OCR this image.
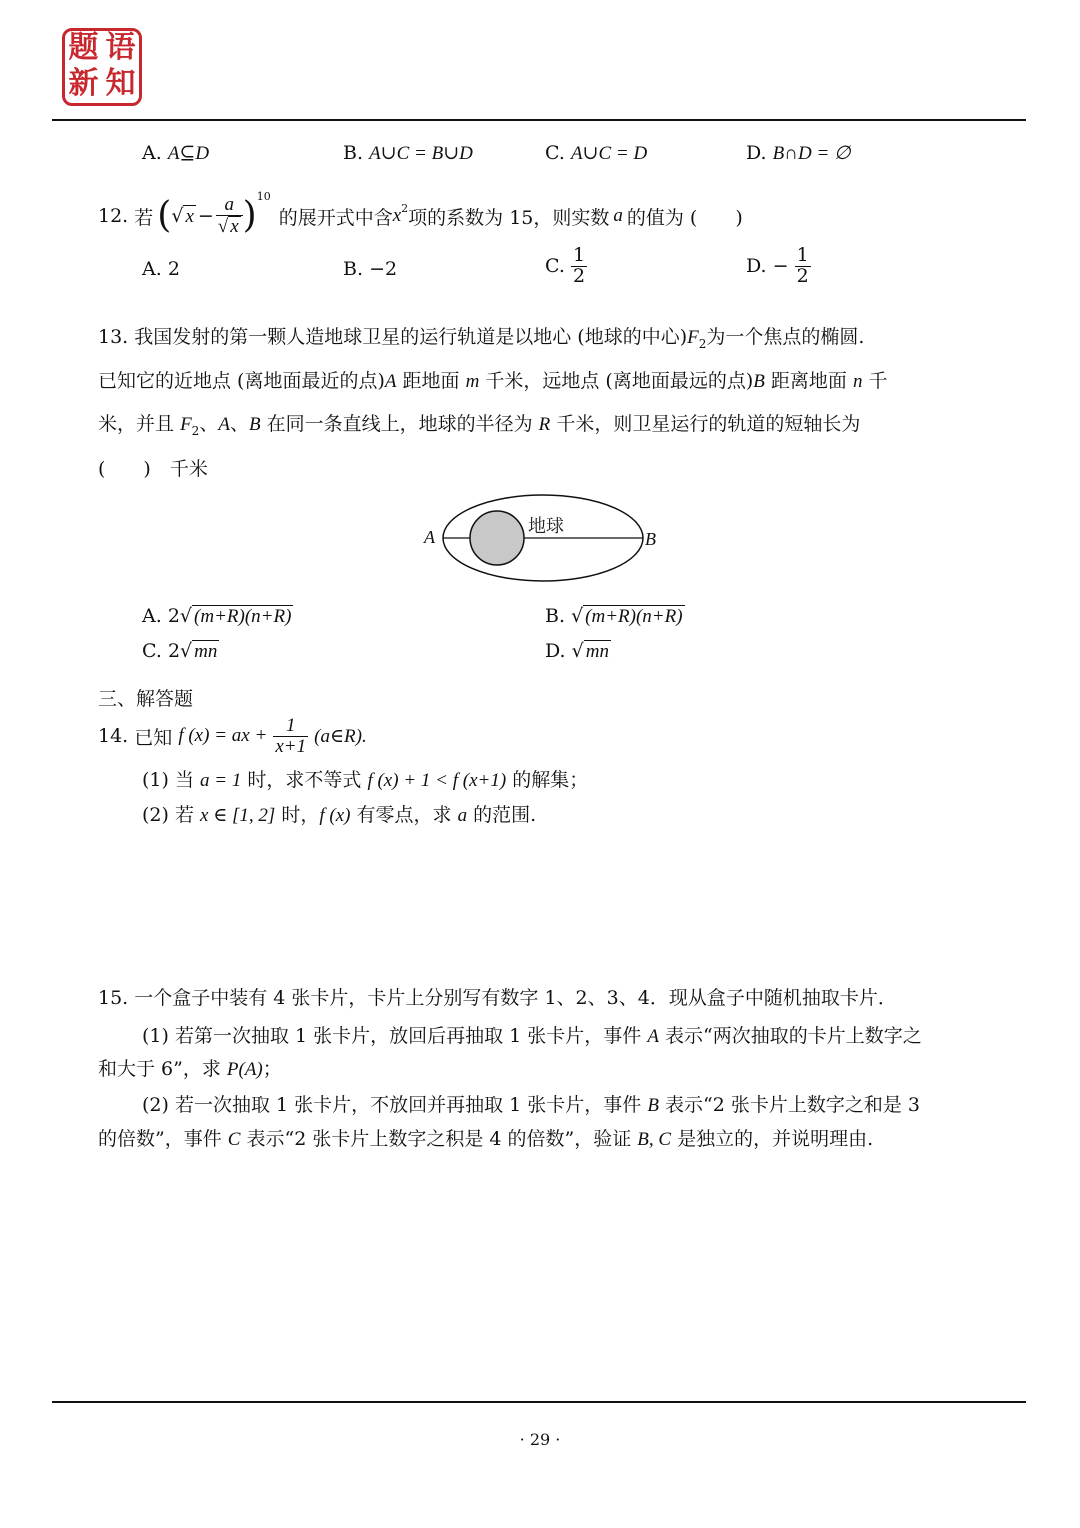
题 语
新 知
A. A⊆D	B. A∪C = B∪D	C. A∪C = D	D. B∩D = ∅
12.
若 ( √ $x - \frac{a}{√ x}$ ) 10
的展开式中含 $x^2$ 项的系数为 15，则实数 a 的值为 (　　)
A. 2	B. −2	C.
$\frac{1}{2}$	D.
−
$\frac{1}{2}$
13. 我国发射的第一颗人造地球卫星的运行轨道是以地心 (地球的中心)$F_2$为一个焦点的椭圆.
已知它的近地点 (离地面最近的点)A 距地面 m 千米，远地点 (离地面最远的点)B 距离地面 n 千
米，并且 $F_2$、A、B 在同一条直线上，地球的半径为 R 千米，则卫星运行的轨道的短轴长为
(　　)　千米
地球
A	B
A. 2√ (m+R)(n+R)	B. √ (m+R)(n+R)
C. 2√ mn	D. √ mn
三、解答题
14.
已知
f (x) = ax +
$\frac{1}{x+1}$
(a∈R).
(1) 当 a = 1 时，求不等式 f (x) + 1 < f (x+1) 的解集；
(2) 若 x ∈ [1, 2] 时，f (x) 有零点，求 a 的范围.
15. 一个盒子中装有 4 张卡片，卡片上分别写有数字 1、2、3、4．现从盒子中随机抽取卡片．
(1) 若第一次抽取 1 张卡片，放回后再抽取 1 张卡片，事件 A 表示“两次抽取的卡片上数字之
和大于 6”，求 P(A)；
(2) 若一次抽取 1 张卡片，不放回并再抽取 1 张卡片，事件 B 表示“2 张卡片上数字之和是 3
的倍数”，事件 C 表示“2 张卡片上数字之积是 4 的倍数”，验证 B, C 是独立的，并说明理由.
· 29 ·
